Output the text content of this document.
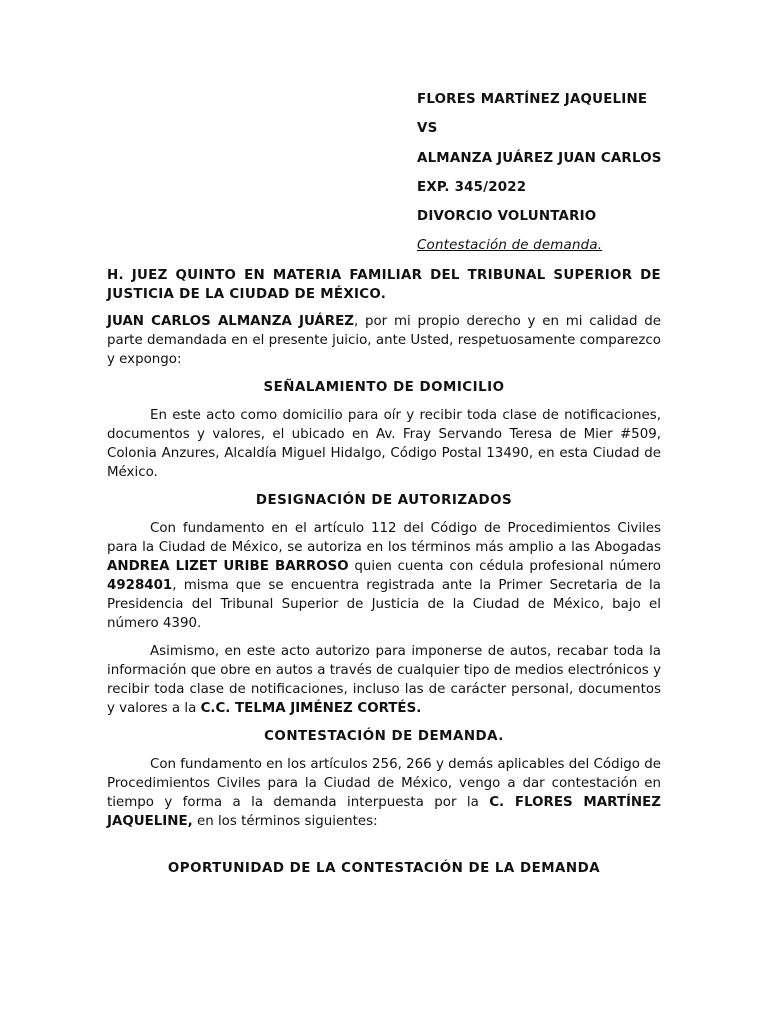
FLORES MARTÍNEZ JAQUELINE
VS
ALMANZA JUÁREZ JUAN CARLOS
EXP. 345/2022
DIVORCIO VOLUNTARIO
Contestación de demanda.

H. JUEZ QUINTO EN MATERIA FAMILIAR DEL TRIBUNAL SUPERIOR DE JUSTICIA DE LA CIUDAD DE MÉXICO.

JUAN CARLOS ALMANZA JUÁREZ, por mi propio derecho y en mi calidad de parte demandada en el presente juicio, ante Usted, respetuosamente comparezco y expongo:

SEÑALAMIENTO DE DOMICILIO

En este acto como domicilio para oír y recibir toda clase de notificaciones, documentos y valores, el ubicado en Av. Fray Servando Teresa de Mier #509, Colonia Anzures, Alcaldía Miguel Hidalgo, Código Postal 13490, en esta Ciudad de México.

DESIGNACIÓN DE AUTORIZADOS

Con fundamento en el artículo 112 del Código de Procedimientos Civiles para la Ciudad de México, se autoriza en los términos más amplio a las Abogadas ANDREA LIZET URIBE BARROSO quien cuenta con cédula profesional número 4928401, misma que se encuentra registrada ante la Primer Secretaria de la Presidencia del Tribunal Superior de Justicia de la Ciudad de México, bajo el número 4390.

Asimismo, en este acto autorizo para imponerse de autos, recabar toda la información que obre en autos a través de cualquier tipo de medios electrónicos y recibir toda clase de notificaciones, incluso las de carácter personal, documentos y valores a la C.C. TELMA JIMÉNEZ CORTÉS.

CONTESTACIÓN DE DEMANDA.

Con fundamento en los artículos 256, 266 y demás aplicables del Código de Procedimientos Civiles para la Ciudad de México, vengo a dar contestación en tiempo y forma a la demanda interpuesta por la C. FLORES MARTÍNEZ JAQUELINE, en los términos siguientes:

OPORTUNIDAD DE LA CONTESTACIÓN DE LA DEMANDA
